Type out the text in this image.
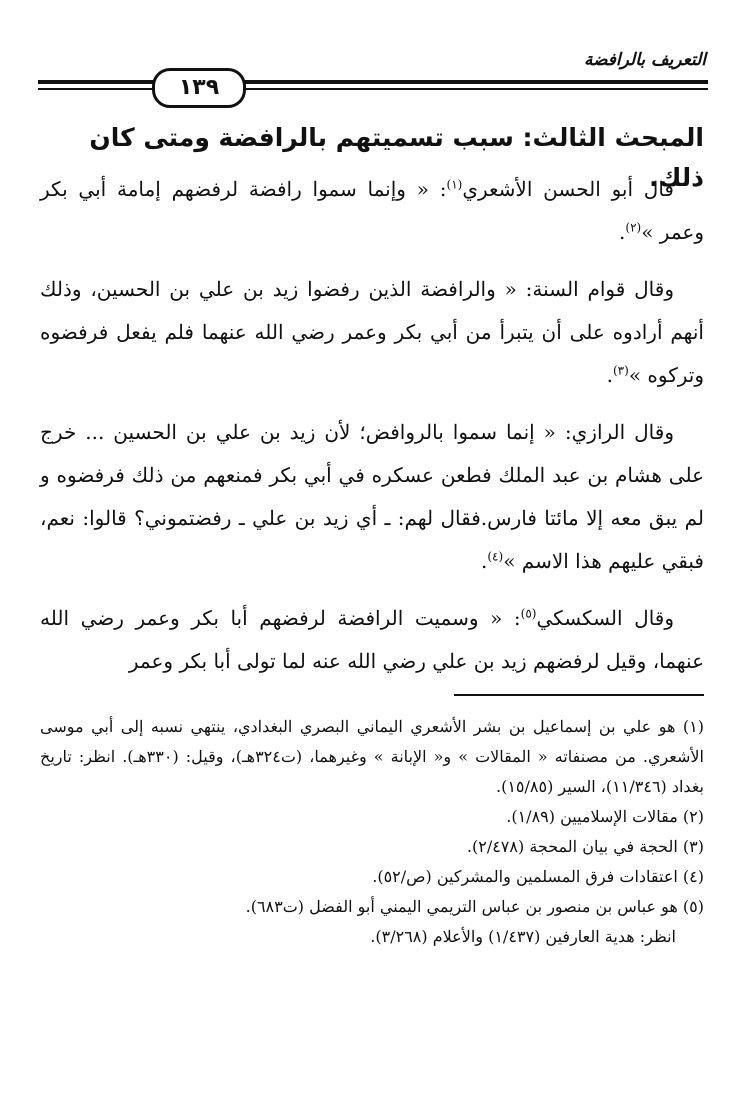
التعريف بالرافضة
١٣٩
المبحث الثالث: سبب تسميتهم بالرافضة ومتى كان ذلك.

قال أبو الحسن الأشعري$^{(١)}$: « وإنما سموا رافضة لرفضهم إمامة أبي بكر وعمر »$^{(٢)}$.

وقال قوام السنة: « والرافضة الذين رفضوا زيد بن علي بن الحسين، وذلك أنهم أرادوه على أن يتبرأ من أبي بكر وعمر رضي الله عنهما فلم يفعل فرفضوه وتركوه »$^{(٣)}$.

وقال الرازي: « إنما سموا بالروافض؛ لأن زيد بن علي بن الحسين ... خرج على هشام بن عبد الملك فطعن عسكره في أبي بكر فمنعهم من ذلك فرفضوه و لم يبق معه إلا مائتا فارس.فقال لهم: ـ أي زيد بن علي ـ رفضتموني؟ قالوا: نعم، فبقي عليهم هذا الاسم »$^{(٤)}$.

وقال السكسكي$^{(٥)}$: « وسميت الرافضة لرفضهم أبا بكر وعمر رضي الله عنهما، وقيل لرفضهم زيد بن علي رضي الله عنه لما تولى أبا بكر وعمر

(١) هو علي بن إسماعيل بن بشر الأشعري اليماني البصري البغدادي، ينتهي نسبه إلى أبي موسى الأشعري. من مصنفاته « المقالات » و« الإبانة » وغيرهما، (ت٣٢٤هـ)، وقيل: (٣٣٠هـ). انظر: تاريخ بغداد (١١/٣٤٦)، السير (١٥/٨٥).

(٢) مقالات الإسلاميين (١/٨٩).

(٣) الحجة في بيان المحجة (٢/٤٧٨).

(٤) اعتقادات فرق المسلمين والمشركين (ص/٥٢).

(٥) هو عباس بن منصور بن عباس التريمي اليمني أبو الفضل (ت٦٨٣).

انظر: هدية العارفين (١/٤٣٧) والأعلام (٣/٢٦٨).
